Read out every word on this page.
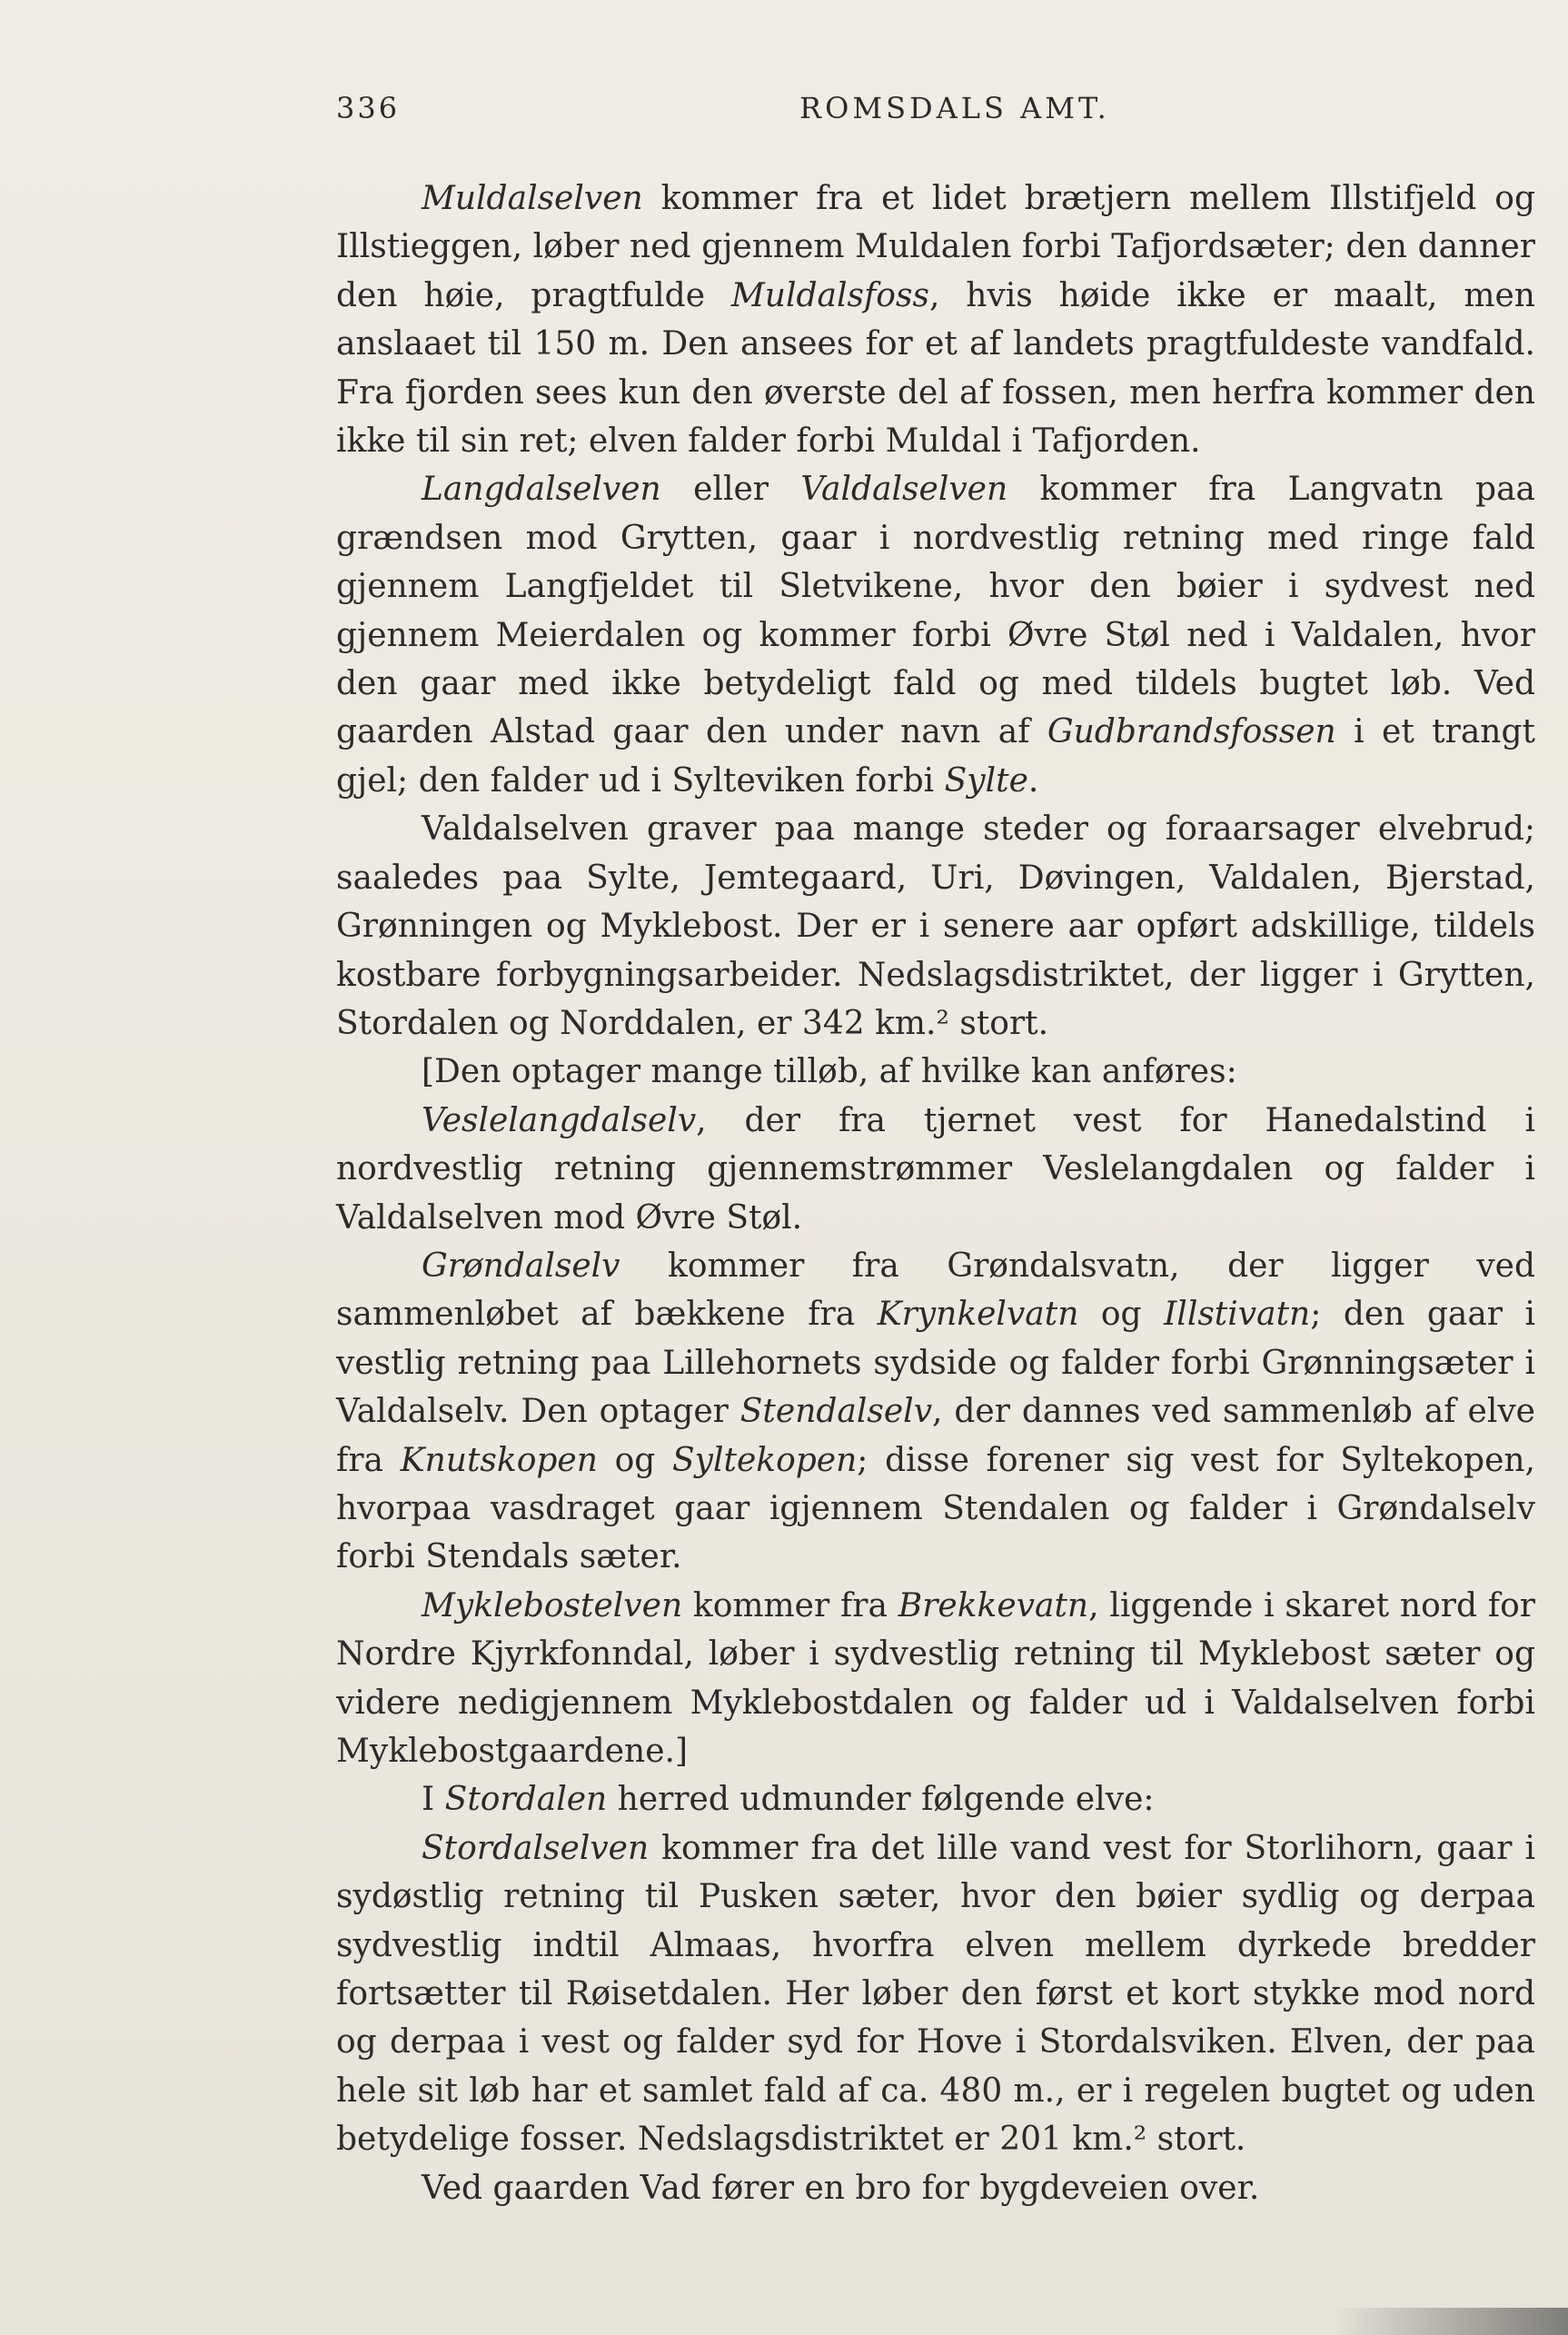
336	ROMSDALS AMT.

Muldalselven kommer fra et lidet brætjern mellem Illstifjeld og Illstieggen, løber ned gjennem Muldalen forbi Tafjordsæter; den danner den høie, pragtfulde Muldalsfoss, hvis høide ikke er maalt, men anslaaet til 150 m. Den ansees for et af landets pragtfuldeste vandfald. Fra fjorden sees kun den øverste del af fossen, men herfra kommer den ikke til sin ret; elven falder forbi Muldal i Tafjorden.

Langdalselven eller Valdalselven kommer fra Langvatn paa grændsen mod Grytten, gaar i nordvestlig retning med ringe fald gjennem Langfjeldet til Sletvikene, hvor den bøier i sydvest ned gjennem Meierdalen og kommer forbi Øvre Støl ned i Valdalen, hvor den gaar med ikke betydeligt fald og med tildels bugtet løb. Ved gaarden Alstad gaar den under navn af Gudbrandsfossen i et trangt gjel; den falder ud i Sylteviken forbi Sylte.

Valdalselven graver paa mange steder og foraarsager elvebrud; saaledes paa Sylte, Jemtegaard, Uri, Døvingen, Valdalen, Bjerstad, Grønningen og Myklebost. Der er i senere aar opført adskillige, tildels kostbare forbygningsarbeider. Nedslagsdistriktet, der ligger i Grytten, Stordalen og Norddalen, er 342 km.² stort.

[Den optager mange tilløb, af hvilke kan anføres:

Veslelangdalselv, der fra tjernet vest for Hanedalstind i nordvestlig retning gjennemstrømmer Veslelangdalen og falder i Valdalselven mod Øvre Støl.

Grøndalselv kommer fra Grøndalsvatn, der ligger ved sammenløbet af bækkene fra Krynkelvatn og Illstivatn; den gaar i vestlig retning paa Lillehornets sydside og falder forbi Grønningsæter i Valdalselv. Den optager Stendalselv, der dannes ved sammenløb af elve fra Knutskopen og Syltekopen; disse forener sig vest for Syltekopen, hvorpaa vasdraget gaar igjennem Stendalen og falder i Grøndalselv forbi Stendals sæter.

Myklebostelven kommer fra Brekkevatn, liggende i skaret nord for Nordre Kjyrkfonndal, løber i sydvestlig retning til Myklebost sæter og videre nedigjennem Myklebostdalen og falder ud i Valdalselven forbi Myklebostgaardene.]

I Stordalen herred udmunder følgende elve:

Stordalselven kommer fra det lille vand vest for Storlihorn, gaar i sydøstlig retning til Pusken sæter, hvor den bøier sydlig og derpaa sydvestlig indtil Almaas, hvorfra elven mellem dyrkede bredder fortsætter til Røisetdalen. Her løber den først et kort stykke mod nord og derpaa i vest og falder syd for Hove i Stordalsviken. Elven, der paa hele sit løb har et samlet fald af ca. 480 m., er i regelen bugtet og uden betydelige fosser. Nedslagsdistriktet er 201 km.² stort.

Ved gaarden Vad fører en bro for bygdeveien over.
